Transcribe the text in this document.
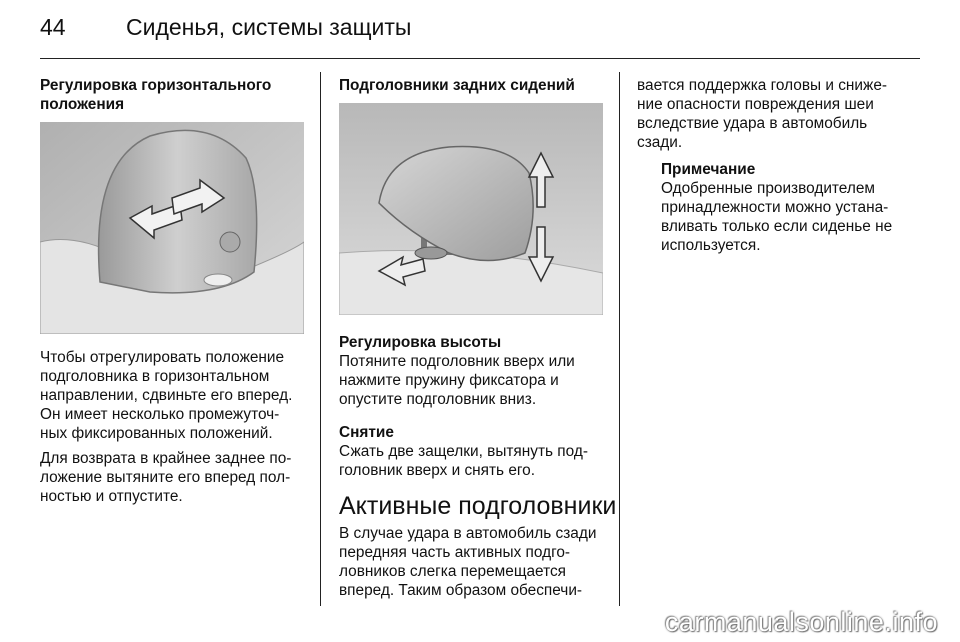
44	Сиденья, системы защиты
Регулировка горизонтального
положения

Чтобы отрегулировать положение
подголовника в горизонтальном
направлении, сдвиньте его вперед.
Он имеет несколько промежуточ-
ных фиксированных положений.

Для возврата в крайнее заднее по-
ложение вытяните его вперед пол-
ностью и отпустите.

Подголовники задних сидений
Регулировка высоты

Потяните подголовник вверх или
нажмите пружину фиксатора и
опустите подголовник вниз.

Снятие

Сжать две защелки, вытянуть под-
головник вверх и снять его.

Активные подголовники

В случае удара в автомобиль сзади
передняя часть активных подго-
ловников слегка перемещается
вперед. Таким образом обеспечи-

вается поддержка головы и сниже-
ние опасности повреждения шеи
вследствие удара в автомобиль
сзади.

Примечание

Одобренные производителем
принадлежности можно устана-
вливать только если сиденье не
используется.

carmanualsonline.info
